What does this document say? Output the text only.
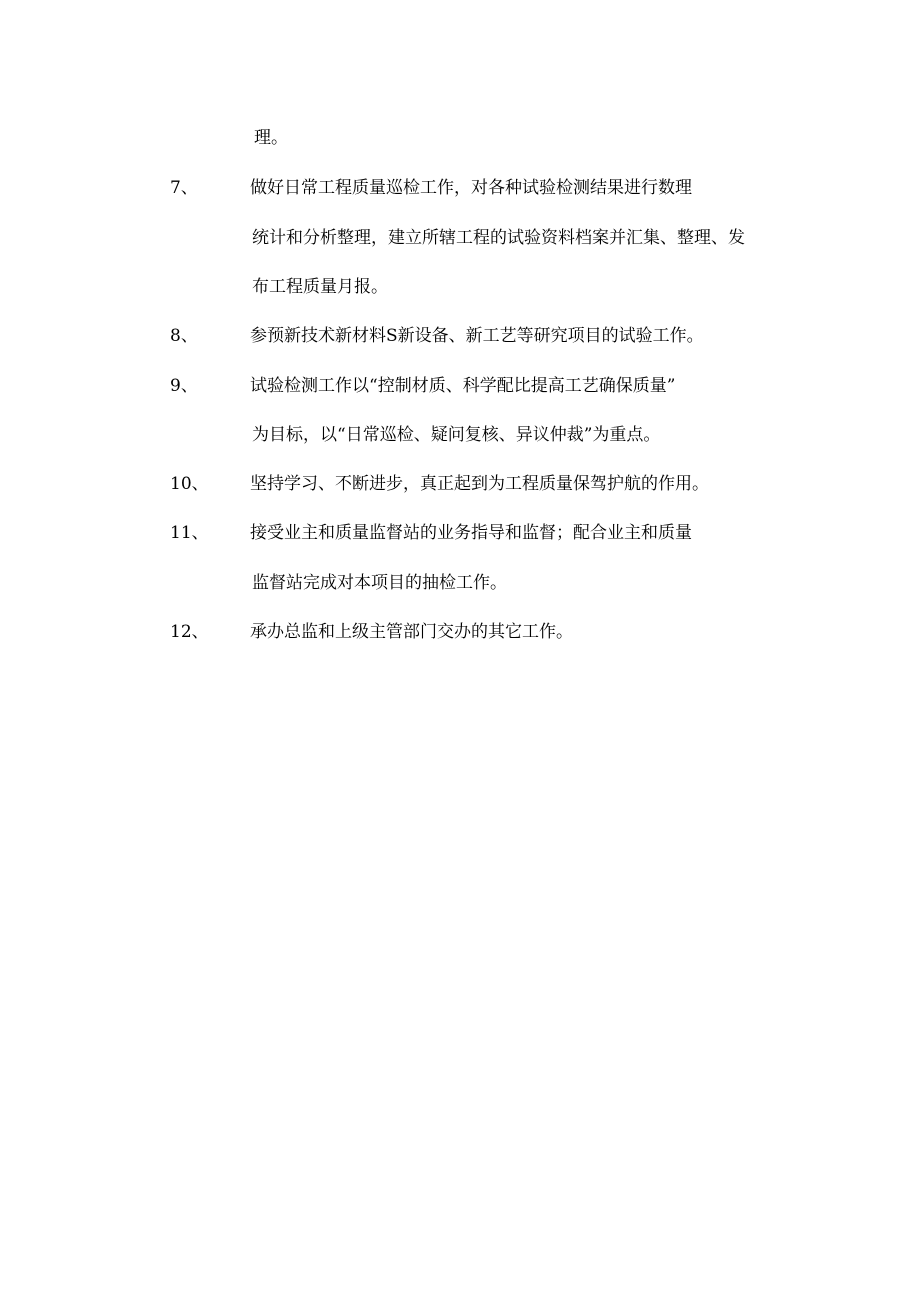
理。
7、	做好日常工程质量巡检工作，对各种试验检测结果进行数理
统计和分析整理，建立所辖工程的试验资料档案并汇集、整理、发
布工程质量月报。
8、	参预新技术新材料S新设备、新工艺等研究项目的试验工作。
9、	试验检测工作以“控制材质、科学配比提高工艺确保质量”
为目标，以“日常巡检、疑问复核、异议仲裁”为重点。
10、 坚持学习、不断进步，真正起到为工程质量保驾护航的作用。
11、 接受业主和质量监督站的业务指导和监督；配合业主和质量
监督站完成对本项目的抽检工作。
12、 承办总监和上级主管部门交办的其它工作。
